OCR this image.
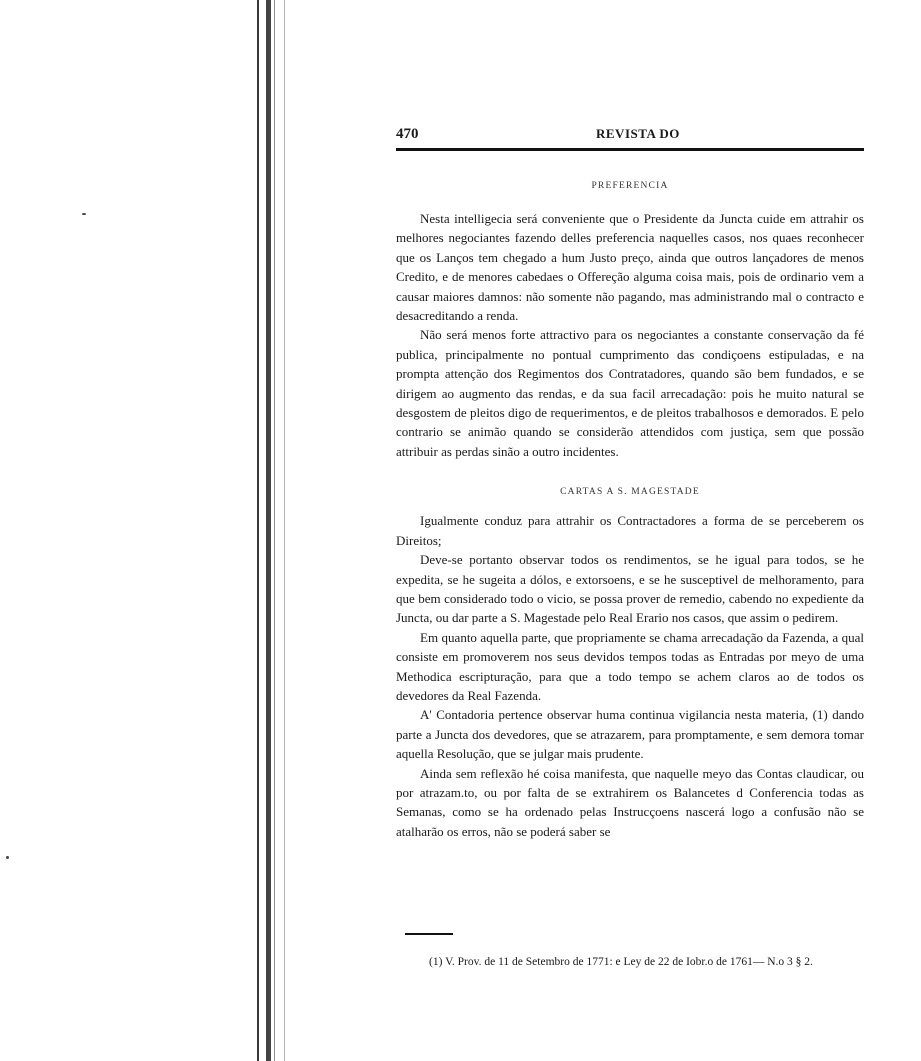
470	REVISTA DO
PREFERENCIA

Nesta intelligecia será conveniente que o Presidente da Juncta cuide em attrahir os melhores negociantes fazendo delles preferencia naquelles casos, nos quaes reconhecer que os Lanços tem chegado a hum Justo preço, ainda que outros lançadores de menos Credito, e de menores cabedaes o Offereção alguma coisa mais, pois de ordinario vem a causar maiores damnos: não somente não pagando, mas administrando mal o contracto e desacreditando a renda.

Não será menos forte attractivo para os negociantes a constante conservação da fé publica, principalmente no pontual cumprimento das condiçoens estipuladas, e na prompta attenção dos Regimentos dos Contratadores, quando são bem fundados, e se dirigem ao augmento das rendas, e da sua facil arrecadação: pois he muito natural se desgostem de pleitos digo de requerimentos, e de pleitos trabalhosos e demorados. E pelo contrario se animão quando se considerão attendidos com justiça, sem que possão attribuir as perdas sinão a outro incidentes.

CARTAS A S. MAGESTADE

Igualmente conduz para attrahir os Contractadores a forma de se perceberem os Direitos;

Deve-se portanto observar todos os rendimentos, se he igual para todos, se he expedita, se he sugeita a dólos, e extorsoens, e se he susceptivel de melhoramento, para que bem considerado todo o vicio, se possa prover de remedio, cabendo no expediente da Juncta, ou dar parte a S. Magestade pelo Real Erario nos casos, que assim o pedirem.

Em quanto aquella parte, que propriamente se chama arrecadação da Fazenda, a qual consiste em promoverem nos seus devidos tempos todas as Entradas por meyo de uma Methodica escripturação, para que a todo tempo se achem claros ao de todos os devedores da Real Fazenda.

A' Contadoria pertence observar huma continua vigilancia nesta materia, (1) dando parte a Juncta dos devedores, que se atrazarem, para promptamente, e sem demora tomar aquella Resolução, que se julgar mais prudente.

Ainda sem reflexão hé coisa manifesta, que naquelle meyo das Contas claudicar, ou por atrazam.to, ou por falta de se extrahirem os Balancetes d Conferencia todas as Semanas, como se ha ordenado pelas Instrucçoens nascerá logo a confusão não se atalharão os erros, não se poderá saber se

(1) V. Prov. de 11 de Setembro de 1771: e Ley de 22 de Iobr.o de 1761— N.o 3 § 2.
